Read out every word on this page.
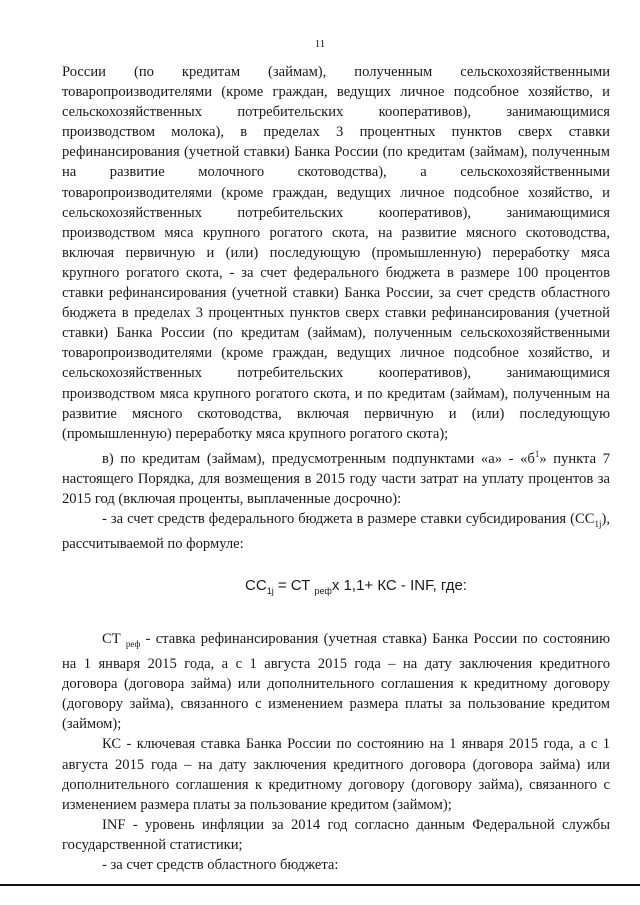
11

России (по кредитам (займам), полученным сельскохозяйственными товаропроизводителями (кроме граждан, ведущих личное подсобное хозяйство, и сельскохозяйственных потребительских кооперативов), занимающимися производством молока), в пределах 3 процентных пунктов сверх ставки рефинансирования (учетной ставки) Банка России (по кредитам (займам), полученным на развитие молочного скотоводства), а сельскохозяйственными товаропроизводителями (кроме граждан, ведущих личное подсобное хозяйство, и сельскохозяйственных потребительских кооперативов), занимающимися производством мяса крупного рогатого скота, на развитие мясного скотоводства, включая первичную и (или) последующую (промышленную) переработку мяса крупного рогатого скота, - за счет федерального бюджета в размере 100 процентов ставки рефинансирования (учетной ставки) Банка России, за счет средств областного бюджета в пределах 3 процентных пунктов сверх ставки рефинансирования (учетной ставки) Банка России (по кредитам (займам), полученным сельскохозяйственными товаропроизводителями (кроме граждан, ведущих личное подсобное хозяйство, и сельскохозяйственных потребительских кооперативов), занимающимися производством мяса крупного рогатого скота, и по кредитам (займам), полученным на развитие мясного скотоводства, включая первичную и (или) последующую (промышленную) переработку мяса крупного рогатого скота);

в) по кредитам (займам), предусмотренным подпунктами «а» - «$б^1$» пункта 7 настоящего Порядка, для возмещения в 2015 году части затрат на уплату процентов за 2015 год (включая проценты, выплаченные досрочно):

- за счет средств федерального бюджета в размере ставки субсидирования $(СС_{1j})$, рассчитываемой по формуле:

$СС_{1j}$ = СТ $_{реф}$х 1,1+ КС - INF, где:

СТ $_{реф}$ - ставка рефинансирования (учетная ставка) Банка России по состоянию на 1 января 2015 года, а с 1 августа 2015 года – на дату заключения кредитного договора (договора займа) или дополнительного соглашения к кредитному договору (договору займа), связанного с изменением размера платы за пользование кредитом (займом);

КС - ключевая ставка Банка России по состоянию на 1 января 2015 года, а с 1 августа 2015 года – на дату заключения кредитного договора (договора займа) или дополнительного соглашения к кредитному договору (договору займа), связанного с изменением размера платы за пользование кредитом (займом);

INF - уровень инфляции за 2014 год согласно данным Федеральной службы государственной статистики;

- за счет средств областного бюджета:
